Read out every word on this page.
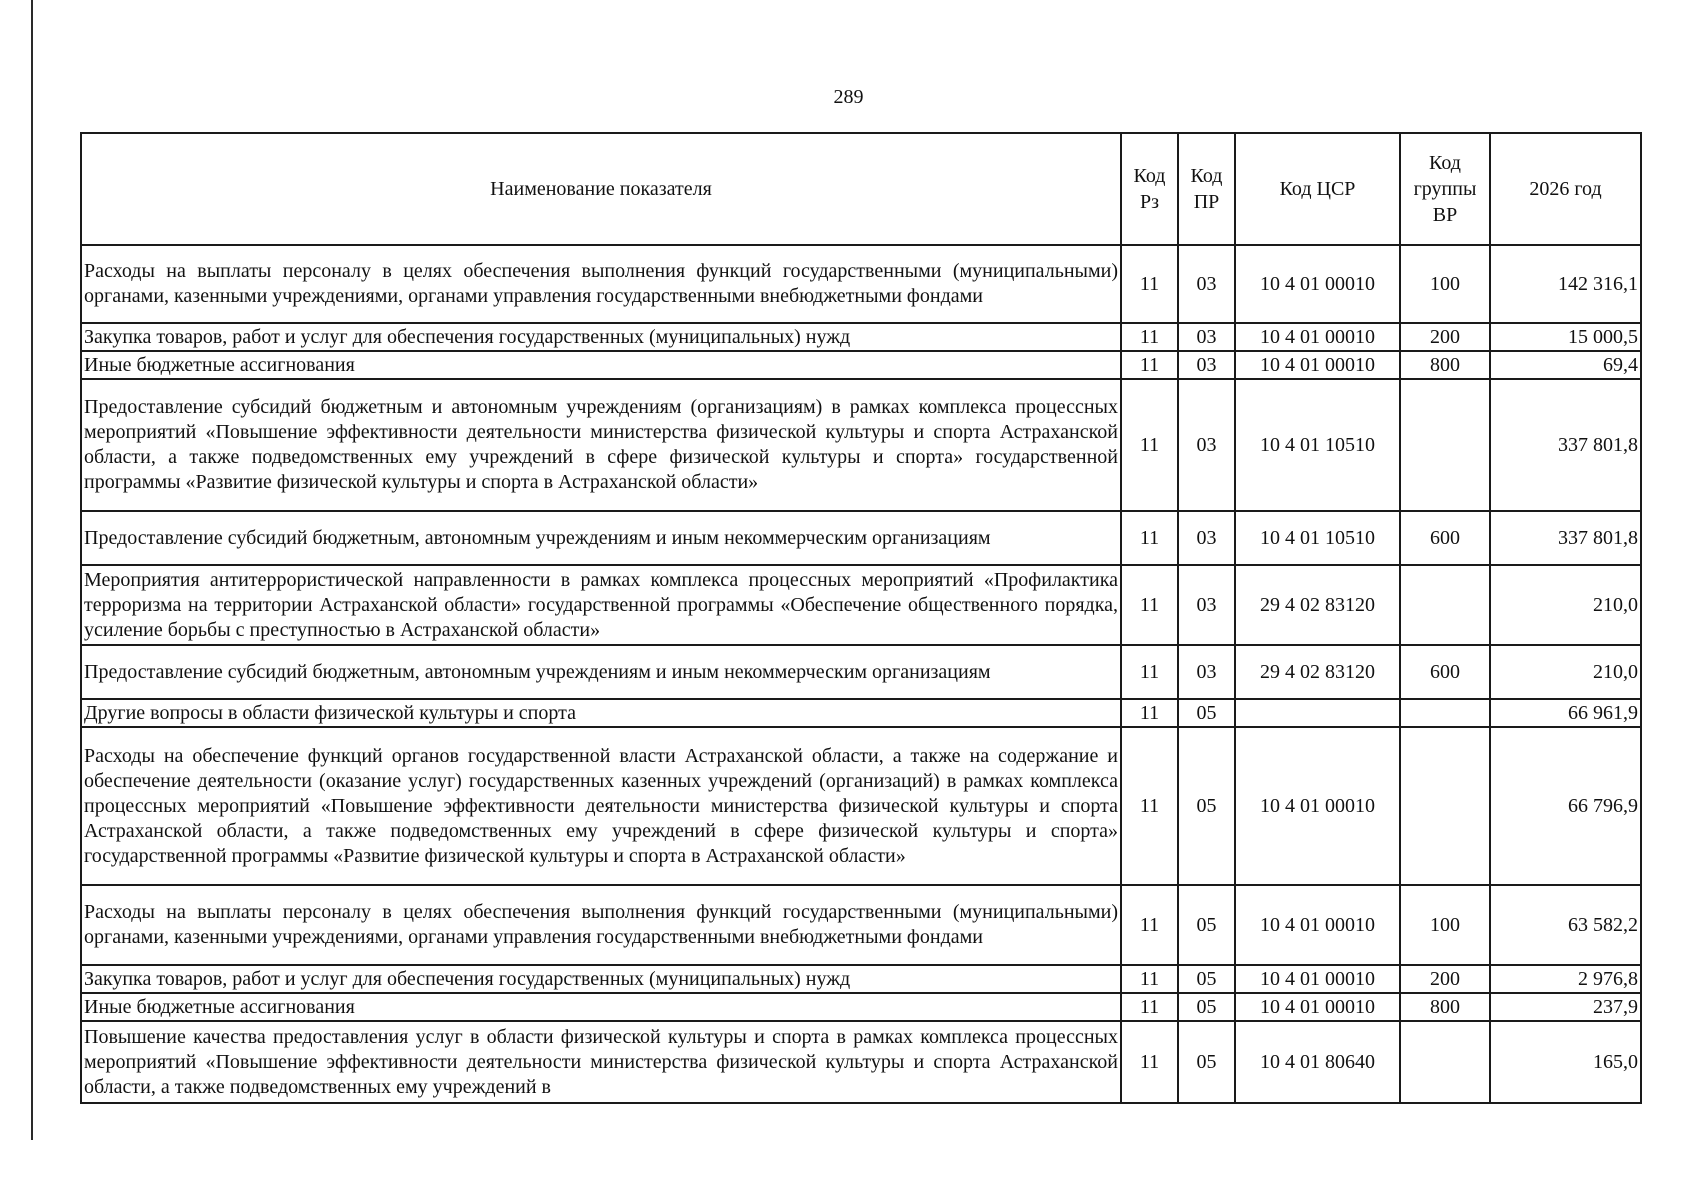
289
Наименование показателя	Код Рз	Код ПР	Код ЦСР	Код группы ВР	2026 год
Расходы на выплаты персоналу в целях обеспечения выполнения функций государственными (муниципальными) органами, казенными учреждениями, органами управления государственными внебюджетными фондами	11	03	10 4 01 00010	100	142 316,1
Закупка товаров, работ и услуг для обеспечения государственных (муниципальных) нужд	11	03	10 4 01 00010	200	15 000,5
Иные бюджетные ассигнования	11	03	10 4 01 00010	800	69,4
Предоставление субсидий бюджетным и автономным учреждениям (организациям) в рамках комплекса процессных мероприятий «Повышение эффективности деятельности министерства физической культуры и спорта Астраханской области, а также подведомственных ему учреждений в сфере физической культуры и спорта» государственной программы «Развитие физической культуры и спорта в Астраханской области»	11	03	10 4 01 10510		337 801,8
Предоставление субсидий бюджетным, автономным учреждениям и иным некоммерческим организациям	11	03	10 4 01 10510	600	337 801,8
Мероприятия антитеррористической направленности в рамках комплекса процессных мероприятий «Профилактика терроризма на территории Астраханской области» государственной программы «Обеспечение общественного порядка, усиление борьбы с преступностью в Астраханской области»	11	03	29 4 02 83120		210,0
Предоставление субсидий бюджетным, автономным учреждениям и иным некоммерческим организациям	11	03	29 4 02 83120	600	210,0
Другие вопросы в области физической культуры и спорта	11	05			66 961,9
Расходы на обеспечение функций органов государственной власти Астраханской области, а также на содержание и обеспечение деятельности (оказание услуг) государственных казенных учреждений (организаций) в рамках комплекса процессных мероприятий «Повышение эффективности деятельности министерства физической культуры и спорта Астраханской области, а также подведомственных ему учреждений в сфере физической культуры и спорта» государственной программы «Развитие физической культуры и спорта в Астраханской области»	11	05	10 4 01 00010		66 796,9
Расходы на выплаты персоналу в целях обеспечения выполнения функций государственными (муниципальными) органами, казенными учреждениями, органами управления государственными внебюджетными фондами	11	05	10 4 01 00010	100	63 582,2
Закупка товаров, работ и услуг для обеспечения государственных (муниципальных) нужд	11	05	10 4 01 00010	200	2 976,8
Иные бюджетные ассигнования	11	05	10 4 01 00010	800	237,9
Повышение качества предоставления услуг в области физической культуры и спорта в рамках комплекса процессных мероприятий «Повышение эффективности деятельности министерства физической культуры и спорта Астраханской области, а также подведомственных ему учреждений в	11	05	10 4 01 80640		165,0
